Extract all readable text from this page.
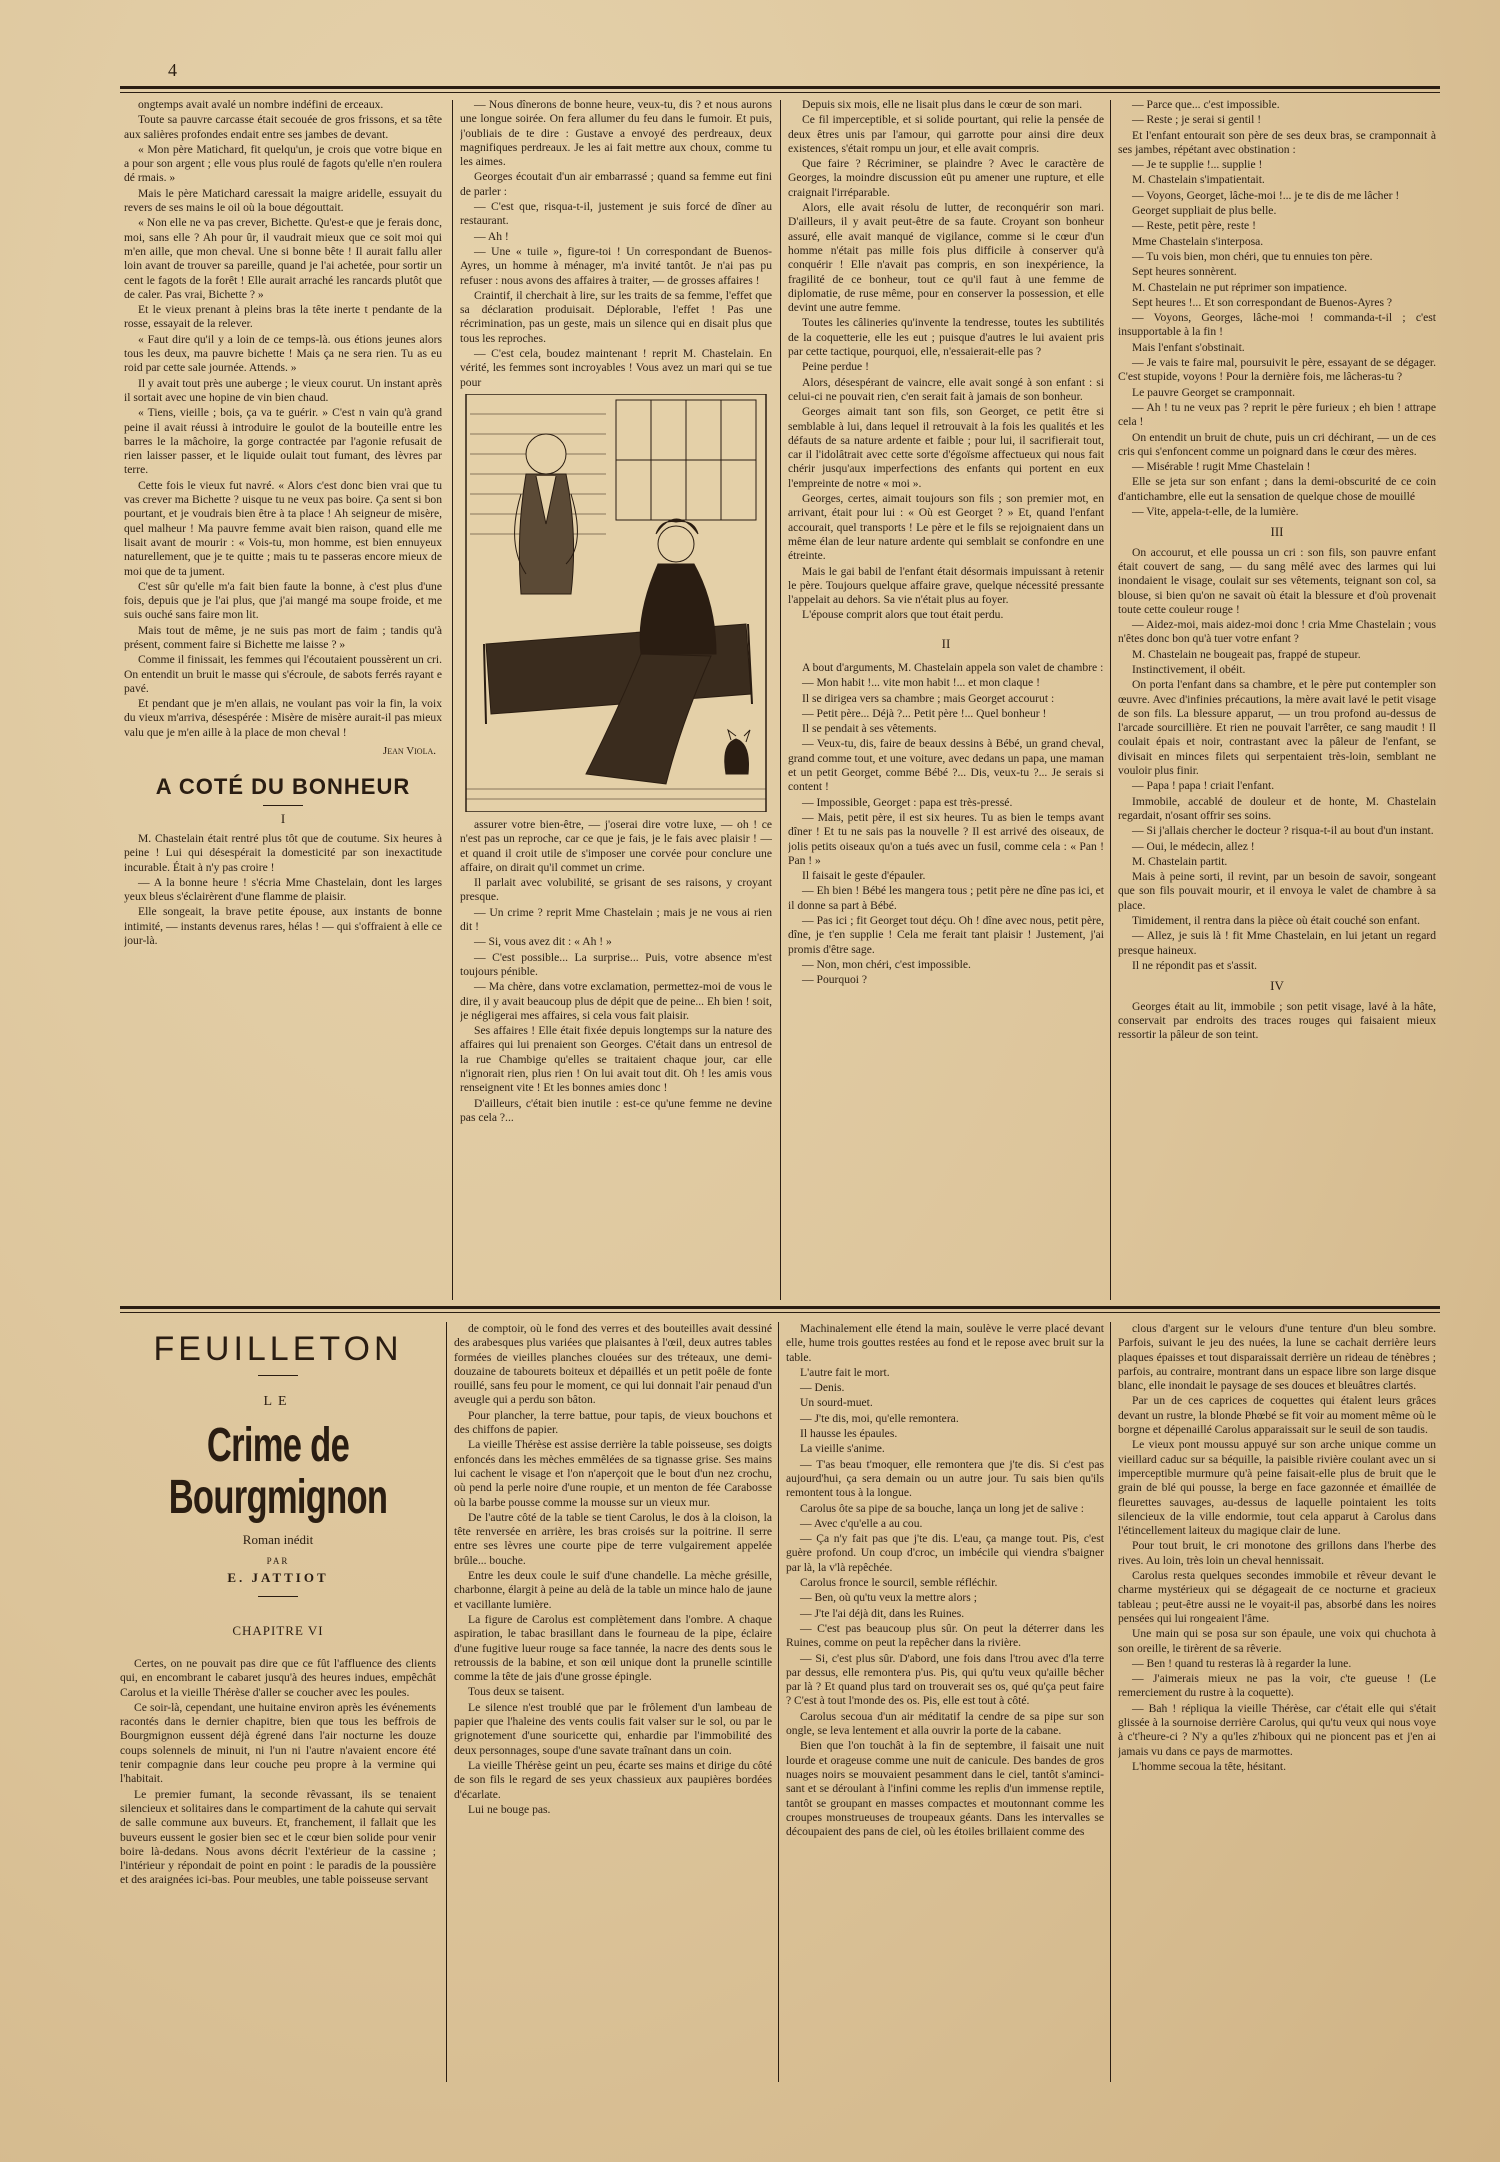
4

ongtemps avait avalé un nombre indéfini de erceaux.

Toute sa pauvre carcasse était secouée de gros frissons, et sa tête aux salières profondes endait entre ses jambes de devant.

« Mon père Matichard, fit quelqu'un, je crois que votre bique en a pour son argent ; elle vous plus roulé de fagots qu'elle n'en roulera dé rmais. »

Mais le père Matichard caressait la maigre aridelle, essuyait du revers de ses mains le oil où la boue dégouttait.

« Non elle ne va pas crever, Bichette. Qu'est-e que je ferais donc, moi, sans elle ? Ah pour ûr, il vaudrait mieux que ce soit moi qui m'en aille, que mon cheval. Une si bonne bête ! Il aurait fallu aller loin avant de trouver sa pareille, quand je l'ai achetée, pour sortir un cent le fagots de la forêt ! Elle aurait arraché les rancards plutôt que de caler. Pas vrai, Bichette ? »

Et le vieux prenant à pleins bras la tête inerte t pendante de la rosse, essayait de la relever.

« Faut dire qu'il y a loin de ce temps-là. ous étions jeunes alors tous les deux, ma pauvre bichette ! Mais ça ne sera rien. Tu as eu roid par cette sale journée. Attends. »

Il y avait tout près une auberge ; le vieux courut. Un instant après il sortait avec une hopine de vin bien chaud.

« Tiens, vieille ; bois, ça va te guérir. » C'est n vain qu'à grand peine il avait réussi à introduire le goulot de la bouteille entre les barres le la mâchoire, la gorge contractée par l'agonie refusait de rien laisser passer, et le liquide oulait tout fumant, des lèvres par terre.

Cette fois le vieux fut navré. « Alors c'est donc bien vrai que tu vas crever ma Bichette ? uisque tu ne veux pas boire. Ça sent si bon pourtant, et je voudrais bien être à ta place ! Ah seigneur de misère, quel malheur ! Ma pauvre femme avait bien raison, quand elle me lisait avant de mourir : « Vois-tu, mon homme, est bien ennuyeux naturellement, que je te quitte ; mais tu te passeras encore mieux de moi que de ta jument.

C'est sûr qu'elle m'a fait bien faute la bonne, à c'est plus d'une fois, depuis que je l'ai plus, que j'ai mangé ma soupe froide, et me suis ouché sans faire mon lit.

Mais tout de même, je ne suis pas mort de faim ; tandis qu'à présent, comment faire si Bichette me laisse ? »

Comme il finissait, les femmes qui l'écoutaient poussèrent un cri. On entendit un bruit le masse qui s'écroule, de sabots ferrés rayant e pavé.

Et pendant que je m'en allais, ne voulant pas voir la fin, la voix du vieux m'arriva, désespérée : Misère de misère aurait-il pas mieux valu que je m'en aille à la place de mon cheval !

Jean Viola.
A COTÉ DU BONHEUR
I

M. Chastelain était rentré plus tôt que de coutume. Six heures à peine ! Lui qui désespérait la domesticité par son inexactitude incurable. Était à n'y pas croire !

— A la bonne heure ! s'écria Mme Chastelain, dont les larges yeux bleus s'éclairèrent d'une flamme de plaisir.

Elle songeait, la brave petite épouse, aux instants de bonne intimité, — instants devenus rares, hélas ! — qui s'offraient à elle ce jour-là.

— Nous dînerons de bonne heure, veux-tu, dis ? et nous aurons une longue soirée. On fera allumer du feu dans le fumoir. Et puis, j'oubliais de te dire : Gustave a envoyé des perdreaux, deux magnifiques perdreaux. Je les ai fait mettre aux choux, comme tu les aimes.

Georges écoutait d'un air embarrassé ; quand sa femme eut fini de parler :

— C'est que, risqua-t-il, justement je suis forcé de dîner au restaurant.

— Ah !

— Une « tuile », figure-toi ! Un correspondant de Buenos-Ayres, un homme à ménager, m'a invité tantôt. Je n'ai pas pu refuser : nous avons des affaires à traiter, — de grosses affaires !

Craintif, il cherchait à lire, sur les traits de sa femme, l'effet que sa déclaration produisait. Déplorable, l'effet ! Pas une récrimination, pas un geste, mais un silence qui en disait plus que tous les reproches.

— C'est cela, boudez maintenant ! reprit M. Chastelain. En vérité, les femmes sont incroyables ! Vous avez un mari qui se tue pour

assurer votre bien-être, — j'oserai dire votre luxe, — oh ! ce n'est pas un reproche, car ce que je fais, je le fais avec plaisir ! — et quand il croit utile de s'imposer une corvée pour conclure une affaire, on dirait qu'il commet un crime.

Il parlait avec volubilité, se grisant de ses raisons, y croyant presque.

— Un crime ? reprit Mme Chastelain ; mais je ne vous ai rien dit !

— Si, vous avez dit : « Ah ! »

— C'est possible... La surprise... Puis, votre absence m'est toujours pénible.

— Ma chère, dans votre exclamation, permettez-moi de vous le dire, il y avait beaucoup plus de dépit que de peine... Eh bien ! soit, je négligerai mes affaires, si cela vous fait plaisir.

Ses affaires ! Elle était fixée depuis longtemps sur la nature des affaires qui lui prenaient son Georges. C'était dans un entresol de la rue Chambige qu'elles se traitaient chaque jour, car elle n'ignorait rien, plus rien ! On lui avait tout dit. Oh ! les amis vous renseignent vite ! Et les bonnes amies donc !

D'ailleurs, c'était bien inutile : est-ce qu'une femme ne devine pas cela ?...

Depuis six mois, elle ne lisait plus dans le cœur de son mari.

Ce fil imperceptible, et si solide pourtant, qui relie la pensée de deux êtres unis par l'amour, qui garrotte pour ainsi dire deux existences, s'était rompu un jour, et elle avait compris.

Que faire ? Récriminer, se plaindre ? Avec le caractère de Georges, la moindre discussion eût pu amener une rupture, et elle craignait l'irréparable.

Alors, elle avait résolu de lutter, de reconquérir son mari. D'ailleurs, il y avait peut-être de sa faute. Croyant son bonheur assuré, elle avait manqué de vigilance, comme si le cœur d'un homme n'était pas mille fois plus difficile à conserver qu'à conquérir ! Elle n'avait pas compris, en son inexpérience, la fragilité de ce bonheur, tout ce qu'il faut à une femme de diplomatie, de ruse même, pour en conserver la possession, et elle devint une autre femme.

Toutes les câlineries qu'invente la tendresse, toutes les subtilités de la coquetterie, elle les eut ; puisque d'autres le lui avaient pris par cette tactique, pourquoi, elle, n'essaierait-elle pas ?

Peine perdue !

Alors, désespérant de vaincre, elle avait songé à son enfant : si celui-ci ne pouvait rien, c'en serait fait à jamais de son bonheur.

Georges aimait tant son fils, son Georget, ce petit être si semblable à lui, dans lequel il retrouvait à la fois les qualités et les défauts de sa nature ardente et faible ; pour lui, il sacrifierait tout, car il l'idolâtrait avec cette sorte d'égoïsme affectueux qui nous fait chérir jusqu'aux imperfections des enfants qui portent en eux l'empreinte de notre « moi ».

Georges, certes, aimait toujours son fils ; son premier mot, en arrivant, était pour lui : « Où est Georget ? » Et, quand l'enfant accourait, quel transports ! Le père et le fils se rejoignaient dans un même élan de leur nature ardente qui semblait se confondre en une étreinte.

Mais le gai babil de l'enfant était désormais impuissant à retenir le père. Toujours quelque affaire grave, quelque nécessité pressante l'appelait au dehors. Sa vie n'était plus au foyer.

L'épouse comprit alors que tout était perdu.

II

A bout d'arguments, M. Chastelain appela son valet de chambre :

— Mon habit !... vite mon habit !... et mon claque !

Il se dirigea vers sa chambre ; mais Georget accourut :

— Petit père... Déjà ?... Petit père !... Quel bonheur !

Il se pendait à ses vêtements.

— Veux-tu, dis, faire de beaux dessins à Bébé, un grand cheval, grand comme tout, et une voiture, avec dedans un papa, une maman et un petit Georget, comme Bébé ?... Dis, veux-tu ?... Je serais si content !

— Impossible, Georget : papa est très-pressé.

— Mais, petit père, il est six heures. Tu as bien le temps avant dîner ! Et tu ne sais pas la nouvelle ? Il est arrivé des oiseaux, de jolis petits oiseaux qu'on a tués avec un fusil, comme cela : « Pan ! Pan ! »

Il faisait le geste d'épauler.

— Eh bien ! Bébé les mangera tous ; petit père ne dîne pas ici, et il donne sa part à Bébé.

— Pas ici ; fit Georget tout déçu. Oh ! dîne avec nous, petit père, dîne, je t'en supplie ! Cela me ferait tant plaisir ! Justement, j'ai promis d'être sage.

— Non, mon chéri, c'est impossible.

— Pourquoi ?

— Parce que... c'est impossible.

— Reste ; je serai si gentil !

Et l'enfant entourait son père de ses deux bras, se cramponnait à ses jambes, répétant avec obstination :

— Je te supplie !... supplie !

M. Chastelain s'impatientait.

— Voyons, Georget, lâche-moi !... je te dis de me lâcher !

Georget suppliait de plus belle.

— Reste, petit père, reste !

Mme Chastelain s'interposa.

— Tu vois bien, mon chéri, que tu ennuies ton père.

Sept heures sonnèrent.

M. Chastelain ne put réprimer son impatience.

Sept heures !... Et son correspondant de Buenos-Ayres ?

— Voyons, Georges, lâche-moi ! commanda-t-il ; c'est insupportable à la fin !

Mais l'enfant s'obstinait.

— Je vais te faire mal, poursuivit le père, essayant de se dégager. C'est stupide, voyons ! Pour la dernière fois, me lâcheras-tu ?

Le pauvre Georget se cramponnait.

— Ah ! tu ne veux pas ? reprit le père furieux ; eh bien ! attrape cela !

On entendit un bruit de chute, puis un cri déchirant, — un de ces cris qui s'enfoncent comme un poignard dans le cœur des mères.

— Misérable ! rugit Mme Chastelain !

Elle se jeta sur son enfant ; dans la demi-obscurité de ce coin d'antichambre, elle eut la sensation de quelque chose de mouillé

— Vite, appela-t-elle, de la lumière.

III

On accourut, et elle poussa un cri : son fils, son pauvre enfant était couvert de sang, — du sang mêlé avec des larmes qui lui inondaient le visage, coulait sur ses vêtements, teignant son col, sa blouse, si bien qu'on ne savait où était la blessure et d'où provenait toute cette couleur rouge !

— Aidez-moi, mais aidez-moi donc ! cria Mme Chastelain ; vous n'êtes donc bon qu'à tuer votre enfant ?

M. Chastelain ne bougeait pas, frappé de stupeur.

Instinctivement, il obéit.

On porta l'enfant dans sa chambre, et le père put contempler son œuvre. Avec d'infinies précautions, la mère avait lavé le petit visage de son fils. La blessure apparut, — un trou profond au-dessus de l'arcade sourcillière. Et rien ne pouvait l'arrêter, ce sang maudit ! Il coulait épais et noir, contrastant avec la pâleur de l'enfant, se divisait en minces filets qui serpentaient très-loin, semblant ne vouloir plus finir.

— Papa ! papa ! criait l'enfant.

Immobile, accablé de douleur et de honte, M. Chastelain regardait, n'osant offrir ses soins.

— Si j'allais chercher le docteur ? risqua-t-il au bout d'un instant.

— Oui, le médecin, allez !

M. Chastelain partit.

Mais à peine sorti, il revint, par un besoin de savoir, songeant que son fils pouvait mourir, et il envoya le valet de chambre à sa place.

Timidement, il rentra dans la pièce où était couché son enfant.

— Allez, je suis là ! fit Mme Chastelain, en lui jetant un regard presque haineux.

Il ne répondit pas et s'assit.

IV

Georges était au lit, immobile ; son petit visage, lavé à la hâte, conservait par endroits des traces rouges qui faisaient mieux ressortir la pâleur de son teint.

FEUILLETON
LE
Crime de Bourgmignon
Roman inédit
PAR
E. JATTIOT
CHAPITRE VI

Certes, on ne pouvait pas dire que ce fût l'affluence des clients qui, en encombrant le cabaret jusqu'à des heures indues, empêchât Carolus et la vieille Thérèse d'aller se coucher avec les poules.

Ce soir-là, cependant, une huitaine environ après les événements racontés dans le dernier chapitre, bien que tous les beffrois de Bourgmignon eussent déjà égrené dans l'air nocturne les douze coups solennels de minuit, ni l'un ni l'autre n'avaient encore été tenir compagnie dans leur couche peu propre à la vermine qui l'habitait.

Le premier fumant, la seconde rêvassant, ils se tenaient silencieux et solitaires dans le compartiment de la cahute qui servait de salle commune aux buveurs. Et, franchement, il fallait que les buveurs eussent le gosier bien sec et le cœur bien solide pour venir boire là-dedans. Nous avons décrit l'extérieur de la cassine ; l'intérieur y répondait de point en point : le paradis de la poussière et des araignées ici-bas. Pour meubles, une table poisseuse servant

de comptoir, où le fond des verres et des bouteilles avait dessiné des arabesques plus variées que plaisantes à l'œil, deux autres tables formées de vieilles planches clouées sur des tréteaux, une demi-douzaine de tabourets boiteux et dépaillés et un petit poêle de fonte rouillé, sans feu pour le moment, ce qui lui donnait l'air penaud d'un aveugle qui a perdu son bâton.

Pour plancher, la terre battue, pour tapis, de vieux bouchons et des chiffons de papier.

La vieille Thérèse est assise derrière la table poisseuse, ses doigts enfoncés dans les mèches emmêlées de sa tignasse grise. Ses mains lui cachent le visage et l'on n'aperçoit que le bout d'un nez crochu, où pend la perle noire d'une roupie, et un menton de fée Carabosse où la barbe pousse comme la mousse sur un vieux mur.

De l'autre côté de la table se tient Carolus, le dos à la cloison, la tête renversée en arrière, les bras croisés sur la poitrine. Il serre entre ses lèvres une courte pipe de terre vulgairement appelée brûle... bouche.

Entre les deux coule le suif d'une chandelle. La mèche grésille, charbonne, élargit à peine au delà de la table un mince halo de jaune et vacillante lumière.

La figure de Carolus est complètement dans l'ombre. A chaque aspiration, le tabac brasillant dans le fourneau de la pipe, éclaire d'une fugitive lueur rouge sa face tannée, la nacre des dents sous le retroussis de la babine, et son œil unique dont la prunelle scintille comme la tête de jais d'une grosse épingle.

Tous deux se taisent.

Le silence n'est troublé que par le frôlement d'un lambeau de papier que l'haleine des vents coulis fait valser sur le sol, ou par le grignotement d'une souricette qui, enhardie par l'immobilité des deux personnages, soupe d'une savate traînant dans un coin.

La vieille Thérèse geint un peu, écarte ses mains et dirige du côté de son fils le regard de ses yeux chassieux aux paupières bordées d'écarlate.

Lui ne bouge pas.

Machinalement elle étend la main, soulève le verre placé devant elle, hume trois gouttes restées au fond et le repose avec bruit sur la table.

L'autre fait le mort.

— Denis.

Un sourd-muet.

— J'te dis, moi, qu'elle remontera.

Il hausse les épaules.

La vieille s'anime.

— T'as beau t'moquer, elle remontera que j'te dis. Si c'est pas aujourd'hui, ça sera demain ou un autre jour. Tu sais bien qu'ils remontent tous à la longue.

Carolus ôte sa pipe de sa bouche, lança un long jet de salive :

— Avec c'qu'elle a au cou.

— Ça n'y fait pas que j'te dis. L'eau, ça mange tout. Pis, c'est guère profond. Un coup d'croc, un imbécile qui viendra s'baigner par là, la v'là repêchée.

Carolus fronce le sourcil, semble réfléchir.

— Ben, où qu'tu veux la mettre alors ;

— J'te l'ai déjà dit, dans les Ruines.

— C'est pas beaucoup plus sûr. On peut la déterrer dans les Ruines, comme on peut la repêcher dans la rivière.

— Si, c'est plus sûr. D'abord, une fois dans l'trou avec d'la terre par dessus, elle remontera p'us. Pis, qui qu'tu veux qu'aille bêcher par là ? Et quand plus tard on trouverait ses os, qué qu'ça peut faire ? C'est à tout l'monde des os. Pis, elle est tout à côté.

Carolus secoua d'un air méditatif la cendre de sa pipe sur son ongle, se leva lentement et alla ouvrir la porte de la cabane.

Bien que l'on touchât à la fin de septembre, il faisait une nuit lourde et orageuse comme une nuit de canicule. Des bandes de gros nuages noirs se mouvaient pesamment dans le ciel, tantôt s'aminci-sant et se déroulant à l'infini comme les replis d'un immense reptile, tantôt se groupant en masses compactes et moutonnant comme les croupes monstrueuses de troupeaux géants. Dans les intervalles se découpaient des pans de ciel, où les étoiles brillaient comme des

clous d'argent sur le velours d'une tenture d'un bleu sombre. Parfois, suivant le jeu des nuées, la lune se cachait derrière leurs plaques épaisses et tout disparaissait derrière un rideau de ténèbres ; parfois, au contraire, montrant dans un espace libre son large disque blanc, elle inondait le paysage de ses douces et bleuâtres clartés.

Par un de ces caprices de coquettes qui étalent leurs grâces devant un rustre, la blonde Phœbé se fit voir au moment même où le borgne et dépenaillé Carolus apparaissait sur le seuil de son taudis.

Le vieux pont moussu appuyé sur son arche unique comme un vieillard caduc sur sa béquille, la paisible rivière coulant avec un si imperceptible murmure qu'à peine faisait-elle plus de bruit que le grain de blé qui pousse, la berge en face gazonnée et émaillée de fleurettes sauvages, au-dessus de laquelle pointaient les toits silencieux de la ville endormie, tout cela apparut à Carolus dans l'étincellement laiteux du magique clair de lune.

Pour tout bruit, le cri monotone des grillons dans l'herbe des rives. Au loin, très loin un cheval hennissait.

Carolus resta quelques secondes immobile et rêveur devant le charme mystérieux qui se dégageait de ce nocturne et gracieux tableau ; peut-être aussi ne le voyait-il pas, absorbé dans les noires pensées qui lui rongeaient l'âme.

Une main qui se posa sur son épaule, une voix qui chuchota à son oreille, le tirèrent de sa rêverie.

— Ben ! quand tu resteras là à regarder la lune.

— J'aimerais mieux ne pas la voir, c'te gueuse ! (Le remerciement du rustre à la coquette).

— Bah ! répliqua la vieille Thérèse, car c'était elle qui s'était glissée à la sournoise derrière Carolus, qui qu'tu veux qui nous voye à c't'heure-ci ? N'y a qu'les z'hiboux qui ne pioncent pas et j'en ai jamais vu dans ce pays de marmottes.

L'homme secoua la tête, hésitant.
